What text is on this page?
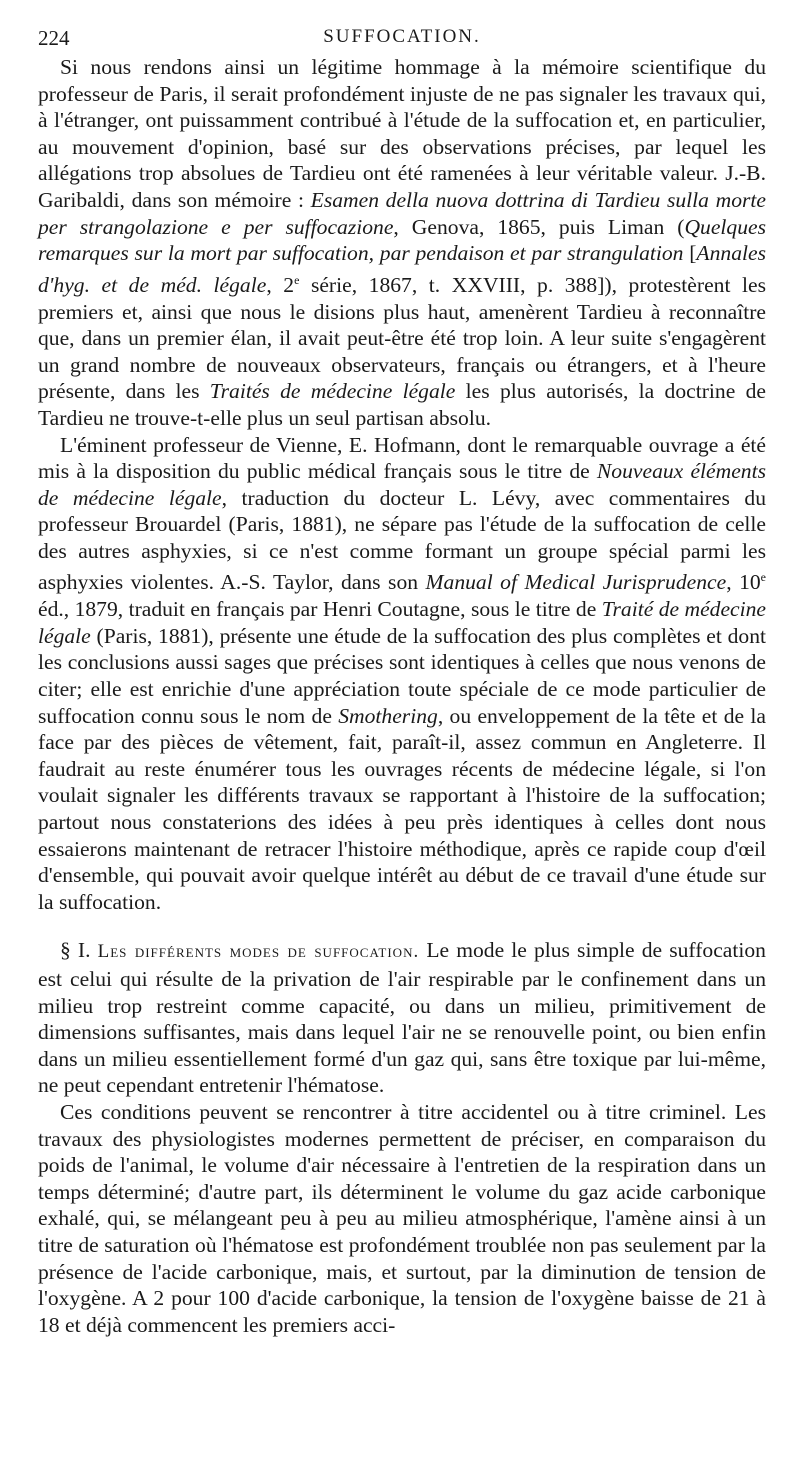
224	SUFFOCATION.

Si nous rendons ainsi un légitime hommage à la mémoire scientifique du professeur de Paris, il serait profondément injuste de ne pas signaler les travaux qui, à l'étranger, ont puissamment contribué à l'étude de la suffocation et, en particulier, au mouvement d'opinion, basé sur des observations précises, par lequel les allégations trop absolues de Tardieu ont été ramenées à leur véritable valeur. J.-B. Garibaldi, dans son mémoire : Esamen della nuova dottrina di Tardieu sulla morte per strangolazione e per suffocazione, Genova, 1865, puis Liman (Quelques remarques sur la mort par suffocation, par pendaison et par strangulation [Annales d'hyg. et de méd. légale, 2e série, 1867, t. XXVIII, p. 388]), protestèrent les premiers et, ainsi que nous le disions plus haut, amenèrent Tardieu à reconnaître que, dans un premier élan, il avait peut-être été trop loin. A leur suite s'engagèrent un grand nombre de nouveaux observateurs, français ou étrangers, et à l'heure présente, dans les Traités de médecine légale les plus autorisés, la doctrine de Tardieu ne trouve-t-elle plus un seul partisan absolu.

L'éminent professeur de Vienne, E. Hofmann, dont le remarquable ouvrage a été mis à la disposition du public médical français sous le titre de Nouveaux éléments de médecine légale, traduction du docteur L. Lévy, avec commentaires du professeur Brouardel (Paris, 1881), ne sépare pas l'étude de la suffocation de celle des autres asphyxies, si ce n'est comme formant un groupe spécial parmi les asphyxies violentes. A.-S. Taylor, dans son Manual of Medical Jurisprudence, 10e éd., 1879, traduit en français par Henri Coutagne, sous le titre de Traité de médecine légale (Paris, 1881), présente une étude de la suffocation des plus complètes et dont les conclusions aussi sages que précises sont identiques à celles que nous venons de citer; elle est enrichie d'une appréciation toute spéciale de ce mode particulier de suffocation connu sous le nom de Smothering, ou enveloppement de la tête et de la face par des pièces de vêtement, fait, paraît-il, assez commun en Angleterre. Il faudrait au reste énumérer tous les ouvrages récents de médecine légale, si l'on voulait signaler les différents travaux se rapportant à l'histoire de la suffocation; partout nous constaterions des idées à peu près identiques à celles dont nous essaierons maintenant de retracer l'histoire méthodique, après ce rapide coup d'œil d'ensemble, qui pouvait avoir quelque intérêt au début de ce travail d'une étude sur la suffocation.

§ I. Les différents modes de suffocation. Le mode le plus simple de suffocation est celui qui résulte de la privation de l'air respirable par le confinement dans un milieu trop restreint comme capacité, ou dans un milieu, primitivement de dimensions suffisantes, mais dans lequel l'air ne se renouvelle point, ou bien enfin dans un milieu essentiellement formé d'un gaz qui, sans être toxique par lui-même, ne peut cependant entretenir l'hématose.

Ces conditions peuvent se rencontrer à titre accidentel ou à titre criminel. Les travaux des physiologistes modernes permettent de préciser, en comparaison du poids de l'animal, le volume d'air nécessaire à l'entretien de la respiration dans un temps déterminé; d'autre part, ils déterminent le volume du gaz acide carbonique exhalé, qui, se mélangeant peu à peu au milieu atmosphérique, l'amène ainsi à un titre de saturation où l'hématose est profondément troublée non pas seulement par la présence de l'acide carbonique, mais, et surtout, par la diminution de tension de l'oxygène. A 2 pour 100 d'acide carbonique, la tension de l'oxygène baisse de 21 à 18 et déjà commencent les premiers acci-
